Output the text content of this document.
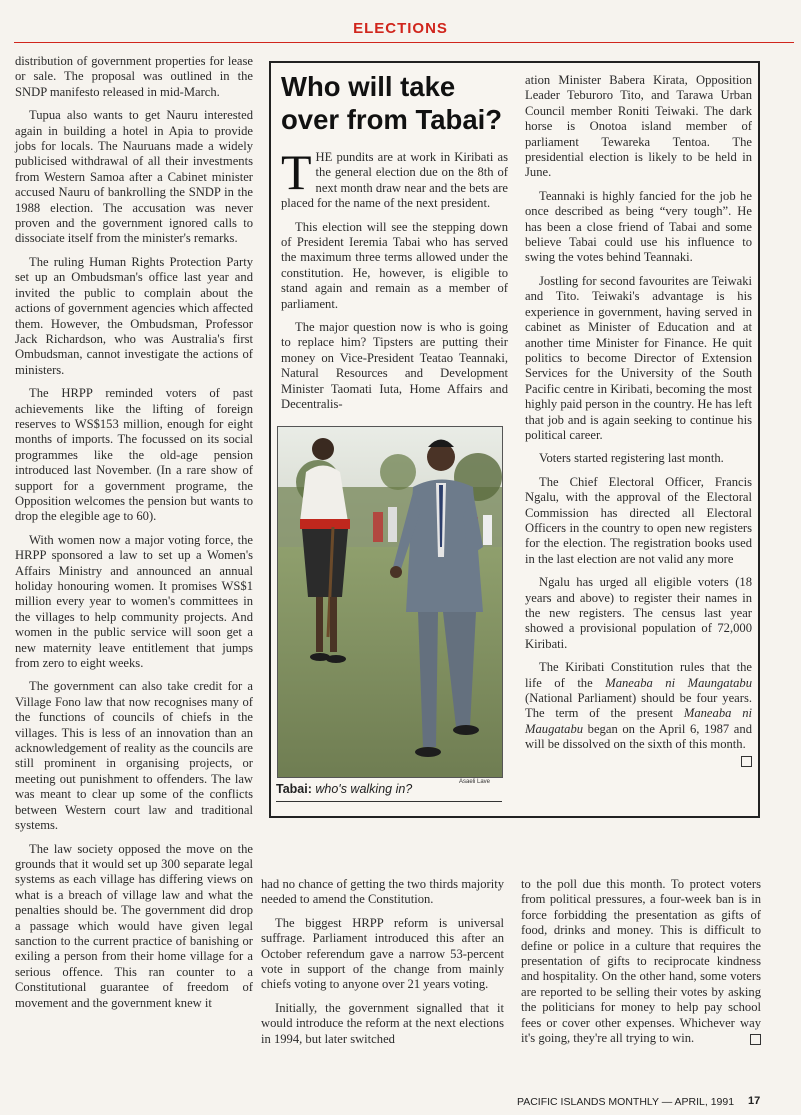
ELECTIONS

distribution of government properties for lease or sale. The proposal was outlined in the SNDP manifesto released in mid-March.

Tupua also wants to get Nauru interested again in building a hotel in Apia to provide jobs for locals. The Nauruans made a widely publicised withdrawal of all their investments from Western Samoa after a Cabinet minister accused Nauru of bankrolling the SNDP in the 1988 election. The accusation was never proven and the government ignored calls to dissociate itself from the minister's remarks.

The ruling Human Rights Protection Party set up an Ombudsman's office last year and invited the public to complain about the actions of government agencies which affected them. However, the Ombudsman, Professor Jack Richardson, who was Australia's first Ombudsman, cannot investigate the actions of ministers.

The HRPP reminded voters of past achievements like the lifting of foreign reserves to WS$153 million, enough for eight months of imports. The focussed on its social programmes like the old-age pension introduced last November. (In a rare show of support for a government programe, the Opposition welcomes the pension but wants to drop the elegible age to 60).

With women now a major voting force, the HRPP sponsored a law to set up a Women's Affairs Ministry and announced an annual holiday honouring women. It promises WS$1 million every year to women's committees in the villages to help community projects. And women in the public service will soon get a new maternity leave entitlement that jumps from zero to eight weeks.

The government can also take credit for a Village Fono law that now recognises many of the functions of councils of chiefs in the villages. This is less of an innovation than an acknowledgement of reality as the councils are still prominent in organising projects, or meeting out punishment to offenders. The law was meant to clear up some of the conflicts between Western court law and traditional systems.

The law society opposed the move on the grounds that it would set up 300 separate legal systems as each village has differing views on what is a breach of village law and what the penalties should be. The government did drop a passage which would have given legal sanction to the current practice of banishing or exiling a person from their home village for a serious offence. This ran counter to a Constitutional guarantee of freedom of movement and the government knew it

Who will take over from Tabai?

THE pundits are at work in Kiribati as the general election due on the 8th of next month draw near and the bets are placed for the name of the next president.

This election will see the stepping down of President Ieremia Tabai who has served the maximum three terms allowed under the constitution. He, however, is eligible to stand again and remain as a member of parliament.

The major question now is who is going to replace him? Tipsters are putting their money on Vice-President Teatao Teannaki, Natural Resources and Development Minister Taomati Iuta, Home Affairs and Decentralis-

ation Minister Babera Kirata, Opposition Leader Teburoro Tito, and Tarawa Urban Council member Roniti Teiwaki. The dark horse is Onotoa island member of parliament Tewareka Tentoa. The presidential election is likely to be held in June.

Teannaki is highly fancied for the job he once described as being “very tough”. He has been a close friend of Tabai and some believe Tabai could use his influence to swing the votes behind Teannaki.

Jostling for second favourites are Teiwaki and Tito. Teiwaki's advantage is his experience in government, having served in cabinet as Minister of Education and at another time Minister for Finance. He quit politics to become Director of Extension Services for the University of the South Pacific centre in Kiribati, becoming the most highly paid person in the country. He has left that job and is again seeking to continue his political career.

Voters started registering last month.

The Chief Electoral Officer, Francis Ngalu, with the approval of the Electoral Commission has directed all Electoral Officers in the country to open new registers for the election. The registration books used in the last election are not valid any more

Ngalu has urged all eligible voters (18 years and above) to register their names in the new registers. The census last year showed a provisional population of 72,000 Kiribati.

The Kiribati Constitution rules that the life of the Maneaba ni Maungatabu (National Parliament) should be four years. The term of the present Maneaba ni Maugatabu began on the April 6, 1987 and will be dissolved on the sixth of this month.

Asaeli Lave
Tabai: who's walking in?

had no chance of getting the two thirds majority needed to amend the Constitution.

The biggest HRPP reform is universal suffrage. Parliament introduced this after an October referendum gave a narrow 53-percent vote in support of the change from mainly chiefs voting to anyone over 21 years voting.

Initially, the government signalled that it would introduce the reform at the next elections in 1994, but later switched

to the poll due this month. To protect voters from political pressures, a four-week ban is in force forbidding the presentation as gifts of food, drinks and money. This is difficult to define or police in a culture that requires the presentation of gifts to reciprocate kindness and hospitality. On the other hand, some voters are reported to be selling their votes by asking the politicians for money to help pay school fees or cover other expenses. Whichever way it's going, they're all trying to win.

PACIFIC ISLANDS MONTHLY — APRIL, 1991 17
